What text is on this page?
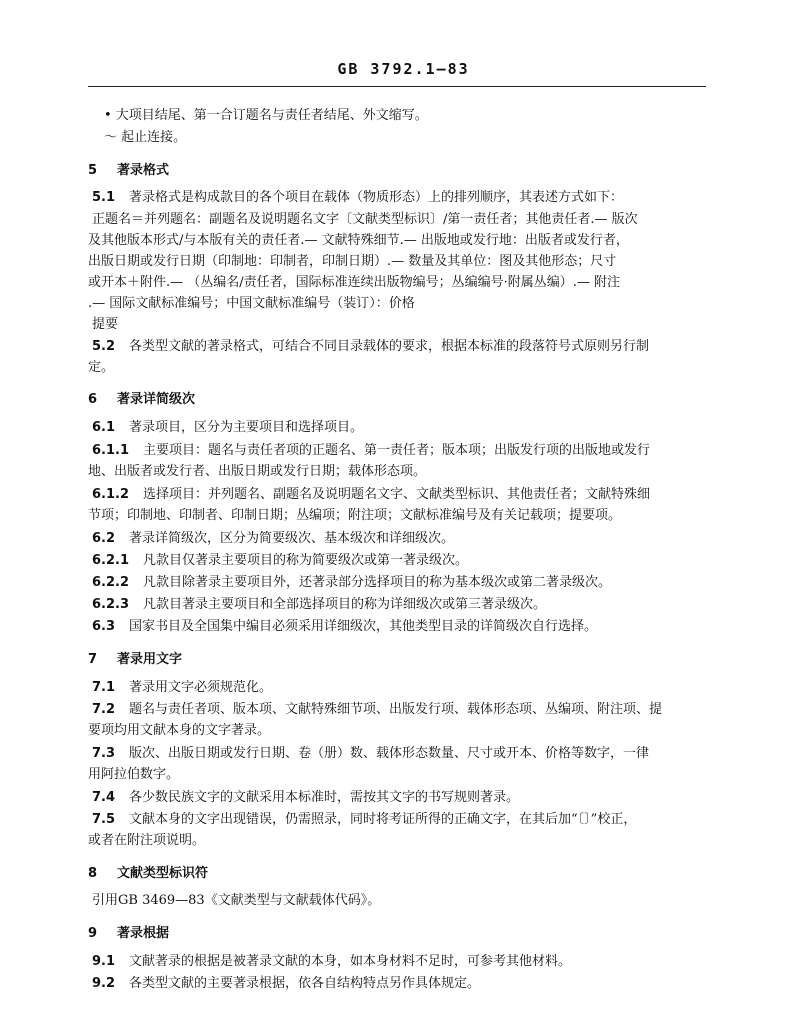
GB 3792.1—83
• 大项目结尾、第一合订题名与责任者结尾、外文缩写。
～ 起止连接。
5 著录格式
5.1 著录格式是构成款目的各个项目在载体（物质形态）上的排列顺序，其表述方式如下：
正题名＝并列题名：副题名及说明题名文字〔文献类型标识〕/第一责任者；其他责任者.— 版次
及其他版本形式/与本版有关的责任者.— 文献特殊细节.— 出版地或发行地：出版者或发行者，
出版日期或发行日期（印制地：印制者，印制日期）.— 数量及其单位：图及其他形态；尺寸
或开本＋附件.— （丛编名/责任者，国际标准连续出版物编号；丛编编号·附属丛编）.— 附注
.— 国际文献标准编号；中国文献标准编号（装订）：价格
提要
5.2 各类型文献的著录格式，可结合不同目录载体的要求，根据本标准的段落符号式原则另行制
定。
6 著录详简级次
6.1 著录项目，区分为主要项目和选择项目。
6.1.1 主要项目：题名与责任者项的正题名、第一责任者；版本项；出版发行项的出版地或发行
地、出版者或发行者、出版日期或发行日期；载体形态项。
6.1.2 选择项目：并列题名、副题名及说明题名文字、文献类型标识、其他责任者；文献特殊细
节项；印制地、印制者、印制日期；丛编项；附注项；文献标准编号及有关记载项；提要项。
6.2 著录详简级次，区分为简要级次、基本级次和详细级次。
6.2.1 凡款目仅著录主要项目的称为简要级次或第一著录级次。
6.2.2 凡款目除著录主要项目外，还著录部分选择项目的称为基本级次或第二著录级次。
6.2.3 凡款目著录主要项目和全部选择项目的称为详细级次或第三著录级次。
6.3 国家书目及全国集中编目必须采用详细级次，其他类型目录的详简级次自行选择。
7 著录用文字
7.1 著录用文字必须规范化。
7.2 题名与责任者项、版本项、文献特殊细节项、出版发行项、载体形态项、丛编项、附注项、提
要项均用文献本身的文字著录。
7.3 版次、出版日期或发行日期、卷（册）数、载体形态数量、尺寸或开本、价格等数字，一律
用阿拉伯数字。
7.4 各少数民族文字的文献采用本标准时，需按其文字的书写规则著录。
7.5 文献本身的文字出现错误，仍需照录，同时将考证所得的正确文字，在其后加“〔〕”校正，
或者在附注项说明。
8 文献类型标识符
引用GB 3469—83《文献类型与文献载体代码》。
9 著录根据
9.1 文献著录的根据是被著录文献的本身，如本身材料不足时，可参考其他材料。
9.2 各类型文献的主要著录根据，依各自结构特点另作具体规定。
